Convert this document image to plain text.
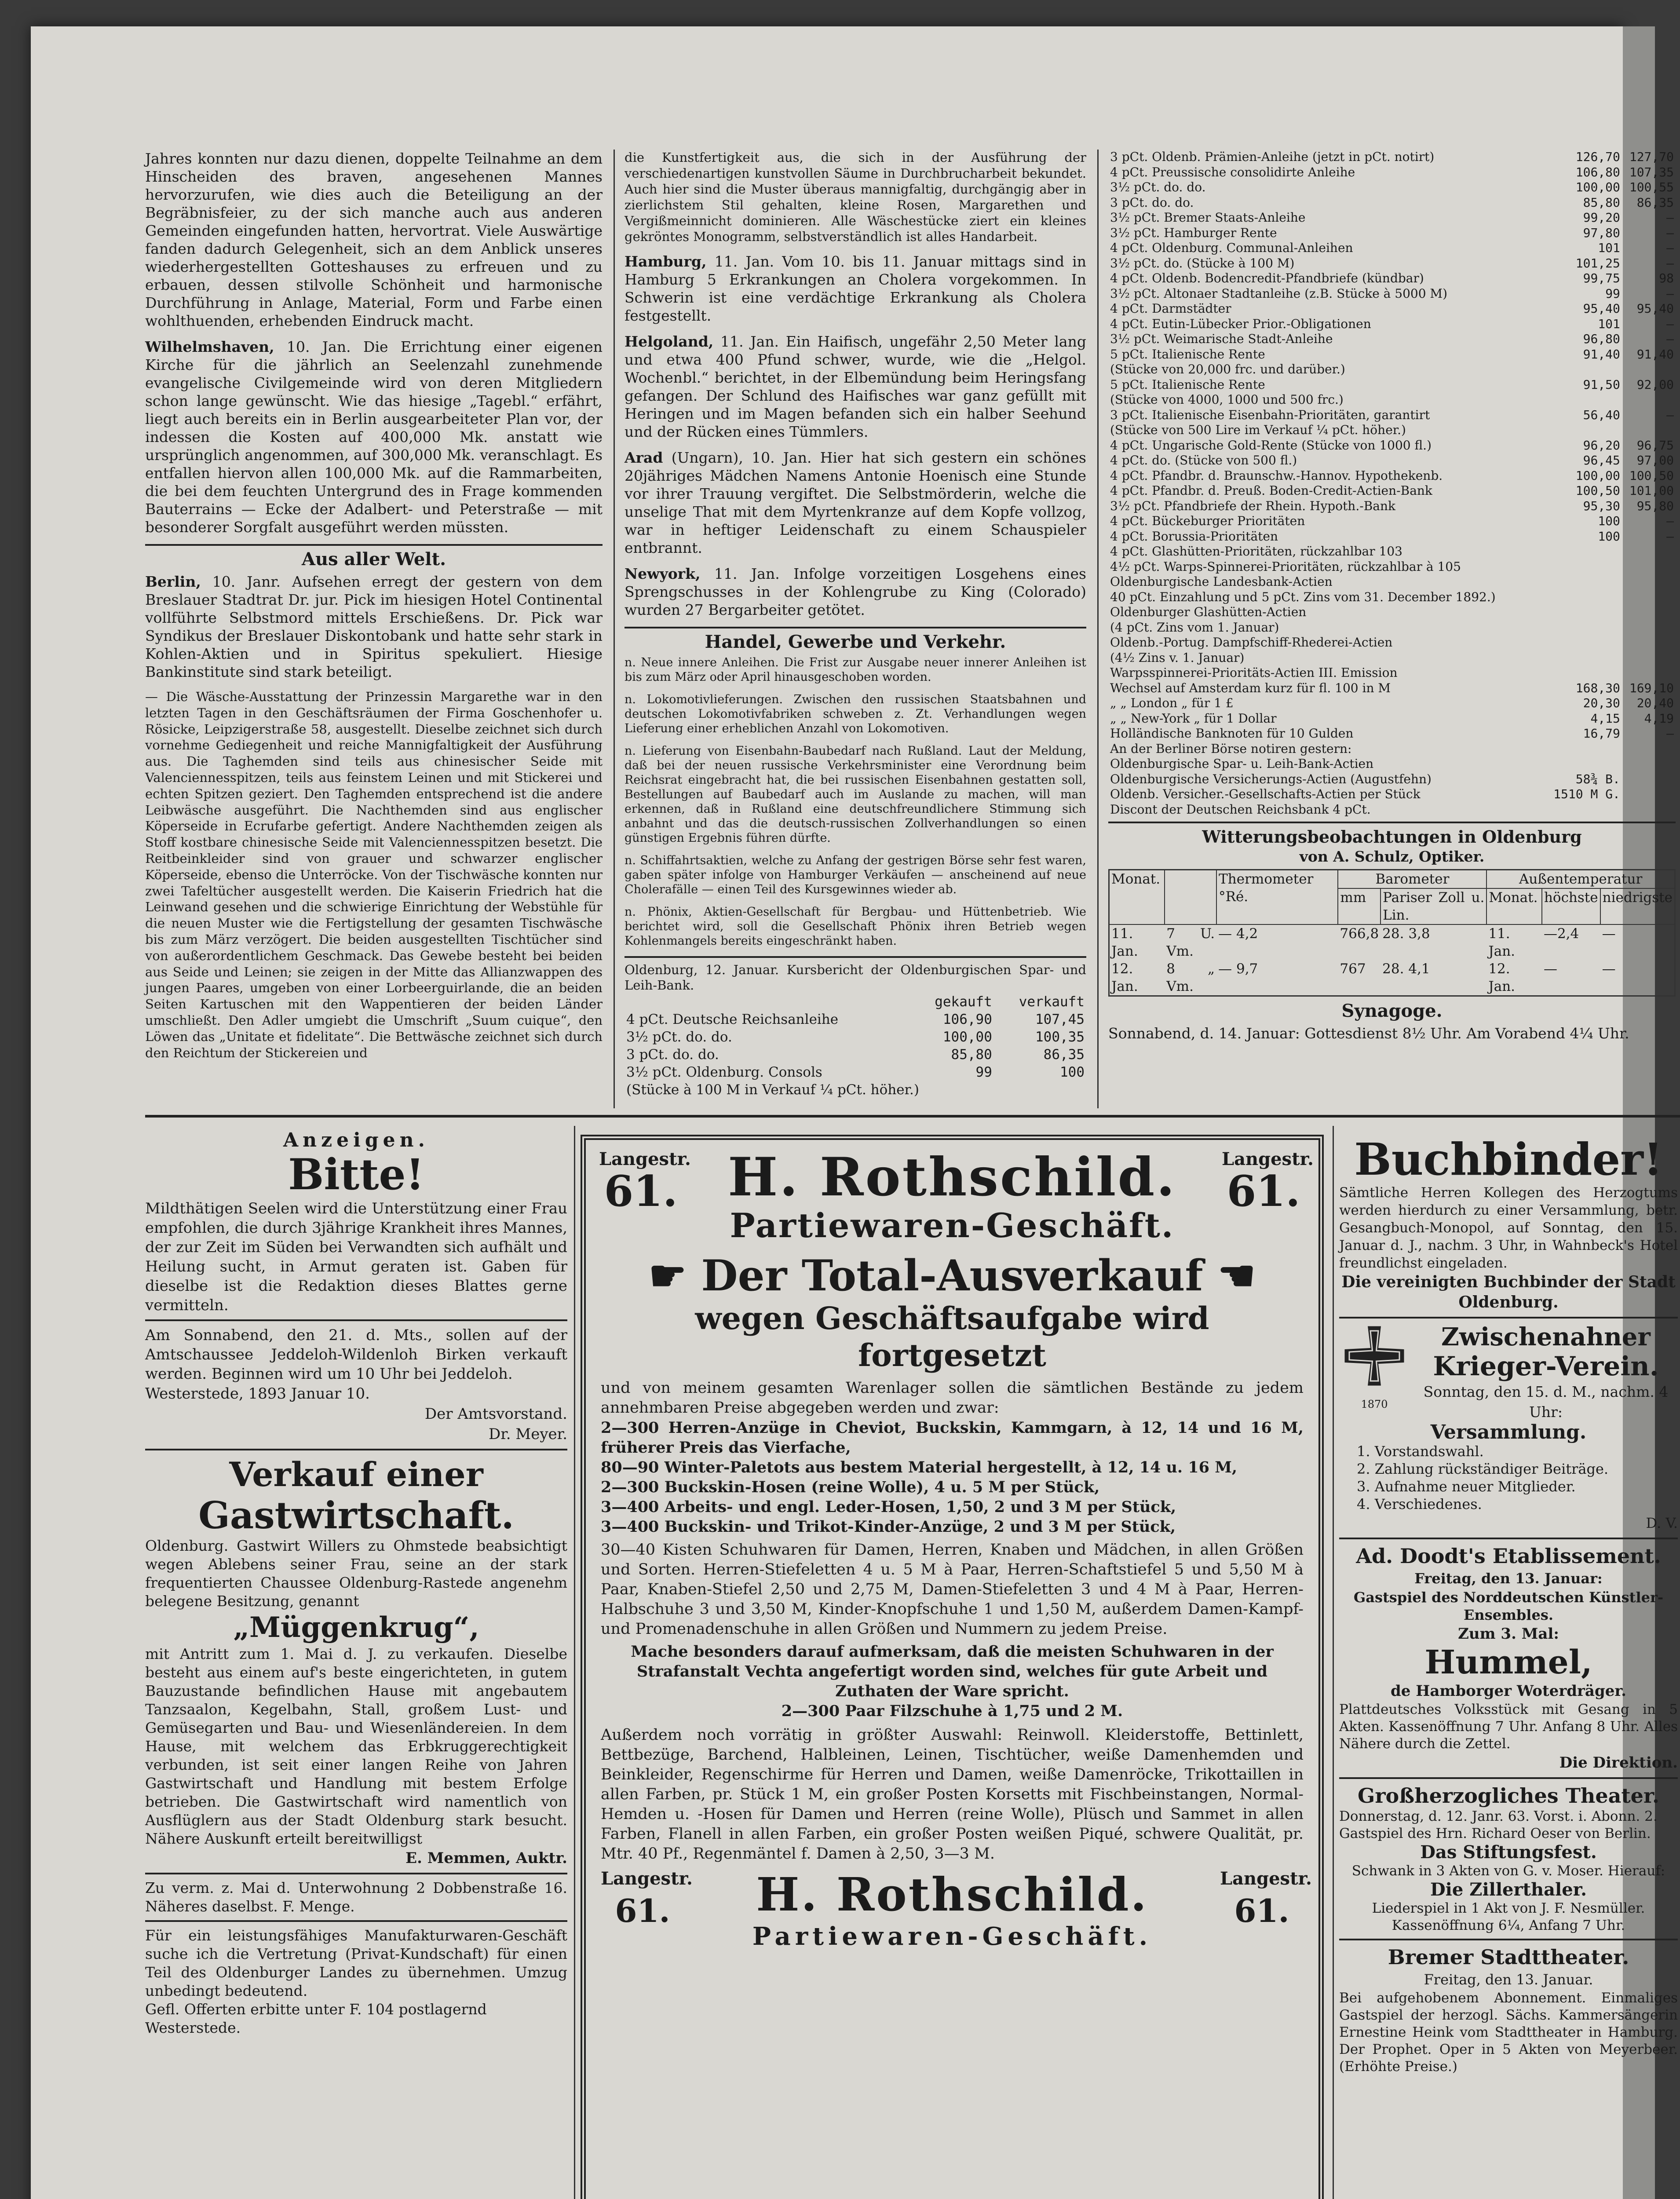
Jahres konnten nur dazu dienen, doppelte Teilnahme an dem Hinscheiden des braven, angesehenen Mannes hervorzurufen, wie dies auch die Beteiligung an der Begräbnisfeier, zu der sich manche auch aus anderen Gemeinden eingefunden hatten, hervortrat. Viele Auswärtige fanden dadurch Gelegenheit, sich an dem Anblick unseres wiederhergestellten Gotteshauses zu erfreuen und zu erbauen, dessen stilvolle Schönheit und harmonische Durchführung in Anlage, Material, Form und Farbe einen wohlthuenden, erhebenden Eindruck macht.

Wilhelmshaven, 10. Jan. Die Errichtung einer eigenen Kirche für die jährlich an Seelenzahl zunehmende evangelische Civilgemeinde wird von deren Mitgliedern schon lange gewünscht. Wie das hiesige „Tagebl.“ erfährt, liegt auch bereits ein in Berlin ausgearbeiteter Plan vor, der indessen die Kosten auf 400,000 Mk. anstatt wie ursprünglich angenommen, auf 300,000 Mk. veranschlagt. Es entfallen hiervon allen 100,000 Mk. auf die Rammarbeiten, die bei dem feuchten Untergrund des in Frage kommenden Bauterrains — Ecke der Adalbert- und Peterstraße — mit besonderer Sorgfalt ausgeführt werden müssten.

Aus aller Welt.

Berlin, 10. Janr. Aufsehen erregt der gestern von dem Breslauer Stadtrat Dr. jur. Pick im hiesigen Hotel Continental vollführte Selbstmord mittels Erschießens. Dr. Pick war Syndikus der Breslauer Diskontobank und hatte sehr stark in Kohlen-Aktien und in Spiritus spekuliert. Hiesige Bankinstitute sind stark beteiligt.

— Die Wäsche-Ausstattung der Prinzessin Margarethe war in den letzten Tagen in den Geschäftsräumen der Firma Goschenhofer u. Rösicke, Leipzigerstraße 58, ausgestellt. Dieselbe zeichnet sich durch vornehme Gediegenheit und reiche Mannigfaltigkeit der Ausführung aus. Die Taghemden sind teils aus chinesischer Seide mit Valenciennesspitzen, teils aus feinstem Leinen und mit Stickerei und echten Spitzen geziert. Den Taghemden entsprechend ist die andere Leibwäsche ausgeführt. Die Nachthemden sind aus englischer Köperseide in Ecrufarbe gefertigt. Andere Nachthemden zeigen als Stoff kostbare chinesische Seide mit Valenciennesspitzen besetzt. Die Reitbeinkleider sind von grauer und schwarzer englischer Köperseide, ebenso die Unterröcke. Von der Tischwäsche konnten nur zwei Tafeltücher ausgestellt werden. Die Kaiserin Friedrich hat die Leinwand gesehen und die schwierige Einrichtung der Webstühle für die neuen Muster wie die Fertigstellung der gesamten Tischwäsche bis zum März verzögert. Die beiden ausgestellten Tischtücher sind von außerordentlichem Geschmack. Das Gewebe besteht bei beiden aus Seide und Leinen; sie zeigen in der Mitte das Allianzwappen des jungen Paares, umgeben von einer Lorbeerguirlande, die an beiden Seiten Kartuschen mit den Wappentieren der beiden Länder umschließt. Den Adler umgiebt die Umschrift „Suum cuique“, den Löwen das „Unitate et fidelitate“. Die Bettwäsche zeichnet sich durch den Reichtum der Stickereien und

die Kunstfertigkeit aus, die sich in der Ausführung der verschiedenartigen kunstvollen Säume in Durchbrucharbeit bekundet. Auch hier sind die Muster überaus mannigfaltig, durchgängig aber in zierlichstem Stil gehalten, kleine Rosen, Margarethen und Vergißmeinnicht dominieren. Alle Wäschestücke ziert ein kleines gekröntes Monogramm, selbstverständlich ist alles Handarbeit.

Hamburg, 11. Jan. Vom 10. bis 11. Januar mittags sind in Hamburg 5 Erkrankungen an Cholera vorgekommen. In Schwerin ist eine verdächtige Erkrankung als Cholera festgestellt.

Helgoland, 11. Jan. Ein Haifisch, ungefähr 2,50 Meter lang und etwa 400 Pfund schwer, wurde, wie die „Helgol. Wochenbl.“ berichtet, in der Elbemündung beim Heringsfang gefangen. Der Schlund des Haifisches war ganz gefüllt mit Heringen und im Magen befanden sich ein halber Seehund und der Rücken eines Tümmlers.

Arad (Ungarn), 10. Jan. Hier hat sich gestern ein schönes 20jähriges Mädchen Namens Antonie Hoenisch eine Stunde vor ihrer Trauung vergiftet. Die Selbstmörderin, welche die unselige That mit dem Myrtenkranze auf dem Kopfe vollzog, war in heftiger Leidenschaft zu einem Schauspieler entbrannt.

Newyork, 11. Jan. Infolge vorzeitigen Losgehens eines Sprengschusses in der Kohlengrube zu King (Colorado) wurden 27 Bergarbeiter getötet.

Handel, Gewerbe und Verkehr.

n. Neue innere Anleihen. Die Frist zur Ausgabe neuer innerer Anleihen ist bis zum März oder April hinausgeschoben worden.

n. Lokomotivlieferungen. Zwischen den russischen Staatsbahnen und deutschen Lokomotivfabriken schweben z. Zt. Verhandlungen wegen Lieferung einer erheblichen Anzahl von Lokomotiven.

n. Lieferung von Eisenbahn-Baubedarf nach Rußland. Laut der Meldung, daß bei der neuen russische Verkehrsminister eine Verordnung beim Reichsrat eingebracht hat, die bei russischen Eisenbahnen gestatten soll, Bestellungen auf Baubedarf auch im Auslande zu machen, will man erkennen, daß in Rußland eine deutschfreundlichere Stimmung sich anbahnt und das die deutsch-russischen Zollverhandlungen so einen günstigen Ergebnis führen dürfte.

n. Schiffahrtsaktien, welche zu Anfang der gestrigen Börse sehr fest waren, gaben später infolge von Hamburger Verkäufen — anscheinend auf neue Cholerafälle — einen Teil des Kursgewinnes wieder ab.

n. Phönix, Aktien-Gesellschaft für Bergbau- und Hüttenbetrieb. Wie berichtet wird, soll die Gesellschaft Phönix ihren Betrieb wegen Kohlenmangels bereits eingeschränkt haben.

Oldenburg, 12. Januar. Kursbericht der Oldenburgischen Spar- und Leih-Bank.
	gekauft	verkauft
4 pCt. Deutsche Reichsanleihe	106,90	107,45
3½ pCt. do. do.	100,00	100,35
3 pCt. do. do.	85,80	86,35
3½ pCt. Oldenburg. Consols	99	100
(Stücke à 100 M in Verkauf ¼ pCt. höher.)		
3 pCt. Oldenb. Prämien-Anleihe (jetzt in pCt. notirt)	126,70	127,70
4 pCt. Preussische consolidirte Anleihe	106,80	107,35
3½ pCt. do. do.	100,00	100,55
3 pCt. do. do.	85,80	86,35
3½ pCt. Bremer Staats-Anleihe	99,20	—
3½ pCt. Hamburger Rente	97,80	—
4 pCt. Oldenburg. Communal-Anleihen	101	—
3½ pCt. do. (Stücke à 100 M)	101,25	—
4 pCt. Oldenb. Bodencredit-Pfandbriefe (kündbar)	99,75	98
3½ pCt. Altonaer Stadtanleihe (z.B. Stücke à 5000 M)	99	—
4 pCt. Darmstädter	95,40	95,40
4 pCt. Eutin-Lübecker Prior.-Obligationen	101	—
3½ pCt. Weimarische Stadt-Anleihe	96,80	—
5 pCt. Italienische Rente	91,40	91,40
(Stücke von 20,000 frc. und darüber.)		
5 pCt. Italienische Rente	91,50	92,00
(Stücke von 4000, 1000 und 500 frc.)		
3 pCt. Italienische Eisenbahn-Prioritäten, garantirt	56,40	—
(Stücke von 500 Lire im Verkauf ¼ pCt. höher.)		
4 pCt. Ungarische Gold-Rente (Stücke von 1000 fl.)	96,20	96,75
4 pCt. do. (Stücke von 500 fl.)	96,45	97,00
4 pCt. Pfandbr. d. Braunschw.-Hannov. Hypothekenb.	100,00	100,50
4 pCt. Pfandbr. d. Preuß. Boden-Credit-Actien-Bank	100,50	101,00
3½ pCt. Pfandbriefe der Rhein. Hypoth.-Bank	95,30	95,80
4 pCt. Bückeburger Prioritäten	100	—
4 pCt. Borussia-Prioritäten	100	—
4 pCt. Glashütten-Prioritäten, rückzahlbar 103		
4½ pCt. Warps-Spinnerei-Prioritäten, rückzahlbar à 105		
Oldenburgische Landesbank-Actien		
40 pCt. Einzahlung und 5 pCt. Zins vom 31. December 1892.)		
Oldenburger Glashütten-Actien		
(4 pCt. Zins vom 1. Januar)		
Oldenb.-Portug. Dampfschiff-Rhederei-Actien		
(4½ Zins v. 1. Januar)		
Warpsspinnerei-Prioritäts-Actien III. Emission		
Wechsel auf Amsterdam kurz für fl. 100 in M	168,30	169,10
„ „ London „ für 1 £	20,30	20,40
„ „ New-York „ für 1 Dollar	4,15	4,19
Holländische Banknoten für 10 Gulden	16,79	—
An der Berliner Börse notiren gestern:		
Oldenburgische Spar- u. Leih-Bank-Actien		
Oldenburgische Versicherungs-Actien (Augustfehn)	58¾ B.	
Oldenb. Versicher.-Gesellschafts-Actien per Stück	1510 M G.	
Discont der Deutschen Reichsbank 4 pCt.		
Witterungsbeobachtungen in Oldenburg
von A. Schulz, Optiker.
Monat.		Thermometer °Ré.	Barometer		Außentemperatur		
			mm	Pariser Zoll u. Lin.	Monat.	höchste	niedrigste
11. Jan.	7 U. Vm.	— 4,2	766,8	28. 3,8	11. Jan.	—2,4	—
12. Jan.	8 „ Vm.	— 9,7	767	28. 4,1	12. Jan.	—	—
Synagoge.
Sonnabend, d. 14. Januar: Gottesdienst 8½ Uhr. Am Vorabend 4¼ Uhr.
Anzeigen.
Bitte!
Mildthätigen Seelen wird die Unterstützung einer Frau empfohlen, die durch 3jährige Krankheit ihres Mannes, der zur Zeit im Süden bei Verwandten sich aufhält und Heilung sucht, in Armut geraten ist. Gaben für dieselbe ist die Redaktion dieses Blattes gerne vermitteln.
Am Sonnabend, den 21. d. Mts., sollen auf der Amtschaussee Jeddeloh-Wildenloh Birken verkauft werden. Beginnen wird um 10 Uhr bei Jeddeloh.
Westerstede, 1893 Januar 10.
Der Amtsvorstand.
Dr. Meyer.
Verkauf einer
Gastwirtschaft.
Oldenburg. Gastwirt Willers zu Ohmstede beabsichtigt wegen Ablebens seiner Frau, seine an der stark frequentierten Chaussee Oldenburg-Rastede angenehm belegene Besitzung, genannt
„Müggenkrug“,
mit Antritt zum 1. Mai d. J. zu verkaufen. Dieselbe besteht aus einem auf's beste eingerichteten, in gutem Bauzustande befindlichen Hause mit angebautem Tanzsaalon, Kegelbahn, Stall, großem Lust- und Gemüsegarten und Bau- und Wiesenländereien. In dem Hause, mit welchem das Erbkruggerechtigkeit verbunden, ist seit einer langen Reihe von Jahren Gastwirtschaft und Handlung mit bestem Erfolge betrieben. Die Gastwirtschaft wird namentlich von Ausflüglern aus der Stadt Oldenburg stark besucht. Nähere Auskunft erteilt bereitwilligst
E. Memmen, Auktr.
Zu verm. z. Mai d. Unterwohnung 2 Dobbenstraße 16. Näheres daselbst. F. Menge.
Für ein leistungsfähiges Manufakturwaren-Geschäft suche ich die Vertretung (Privat-Kundschaft) für einen Teil des Oldenburger Landes zu übernehmen. Umzug unbedingt bedeutend.
Gefl. Offerten erbitte unter F. 104 postlagernd Westerstede.
Langestr.
61.
Langestr.
61.
H. Rothschild.
Partiewaren-Geschäft.
☛ Der Total-Ausverkauf ☚
wegen Geschäftsaufgabe wird fortgesetzt
und von meinem gesamten Warenlager sollen die sämtlichen Bestände zu jedem annehmbaren Preise abgegeben werden und zwar:
2—300 Herren-Anzüge in Cheviot, Buckskin, Kammgarn, à 12, 14 und 16 M, früherer Preis das Vierfache,
80—90 Winter-Paletots aus bestem Material hergestellt, à 12, 14 u. 16 M,
2—300 Buckskin-Hosen (reine Wolle), 4 u. 5 M per Stück,
3—400 Arbeits- und engl. Leder-Hosen, 1,50, 2 und 3 M per Stück,
3—400 Buckskin- und Trikot-Kinder-Anzüge, 2 und 3 M per Stück,
30—40 Kisten Schuhwaren für Damen, Herren, Knaben und Mädchen, in allen Größen und Sorten. Herren-Stiefeletten 4 u. 5 M à Paar, Herren-Schaftstiefel 5 und 5,50 M à Paar, Knaben-Stiefel 2,50 und 2,75 M, Damen-Stiefeletten 3 und 4 M à Paar, Herren-Halbschuhe 3 und 3,50 M, Kinder-Knopfschuhe 1 und 1,50 M, außerdem Damen-Kampf- und Promenadenschuhe in allen Größen und Nummern zu jedem Preise.
Mache besonders darauf aufmerksam, daß die meisten Schuhwaren in der Strafanstalt Vechta angefertigt worden sind, welches für gute Arbeit und Zuthaten der Ware spricht.
2—300 Paar Filzschuhe à 1,75 und 2 M.
Außerdem noch vorrätig in größter Auswahl: Reinwoll. Kleiderstoffe, Bettinlett, Bettbezüge, Barchend, Halbleinen, Leinen, Tischtücher, weiße Damenhemden und Beinkleider, Regenschirme für Herren und Damen, weiße Damenröcke, Trikottaillen in allen Farben, pr. Stück 1 M, ein großer Posten Korsetts mit Fischbeinstangen, Normal-Hemden u. -Hosen für Damen und Herren (reine Wolle), Plüsch und Sammet in allen Farben, Flanell in allen Farben, ein großer Posten weißen Piqué, schwere Qualität, pr. Mtr. 40 Pf., Regenmäntel f. Damen à 2,50, 3—3 M.
Langestr.
61.
Langestr.
61.
H. Rothschild.
Partiewaren-Geschäft.
Buchbinder!
Sämtliche Herren Kollegen des Herzogtums werden hierdurch zu einer Versammlung, betr. Gesangbuch-Monopol, auf Sonntag, den 15. Januar d. J., nachm. 3 Uhr, in Wahnbeck's Hotel freundlichst eingeladen.
Die vereinigten Buchbinder der Stadt Oldenburg.
1870
Zwischenahner
Krieger-Verein.
Sonntag, den 15. d. M., nachm. 4 Uhr:
Versammlung.
1. Vorstandswahl.
2. Zahlung rückständiger Beiträge.
3. Aufnahme neuer Mitglieder.
4. Verschiedenes.
D. V.
Ad. Doodt's Etablissement.
Freitag, den 13. Januar:
Gastspiel des Norddeutschen Künstler-Ensembles.
Zum 3. Mal:
Hummel,
de Hamborger Woterdräger.
Plattdeutsches Volksstück mit Gesang in 5 Akten. Kassenöffnung 7 Uhr. Anfang 8 Uhr. Alles Nähere durch die Zettel.
Die Direktion.
Großherzogliches Theater.
Donnerstag, d. 12. Janr. 63. Vorst. i. Abonn. 2. Gastspiel des Hrn. Richard Oeser von Berlin.
Das Stiftungsfest.
Schwank in 3 Akten von G. v. Moser. Hierauf:
Die Zillerthaler.
Liederspiel in 1 Akt von J. F. Nesmüller. Kassenöffnung 6¼, Anfang 7 Uhr.
Bremer Stadttheater.
Freitag, den 13. Januar.
Bei aufgehobenem Abonnement. Einmaliges Gastspiel der herzogl. Sächs. Kammersängerin Ernestine Heink vom Stadttheater in Hamburg. Der Prophet. Oper in 5 Akten von Meyerbeer. (Erhöhte Preise.)
